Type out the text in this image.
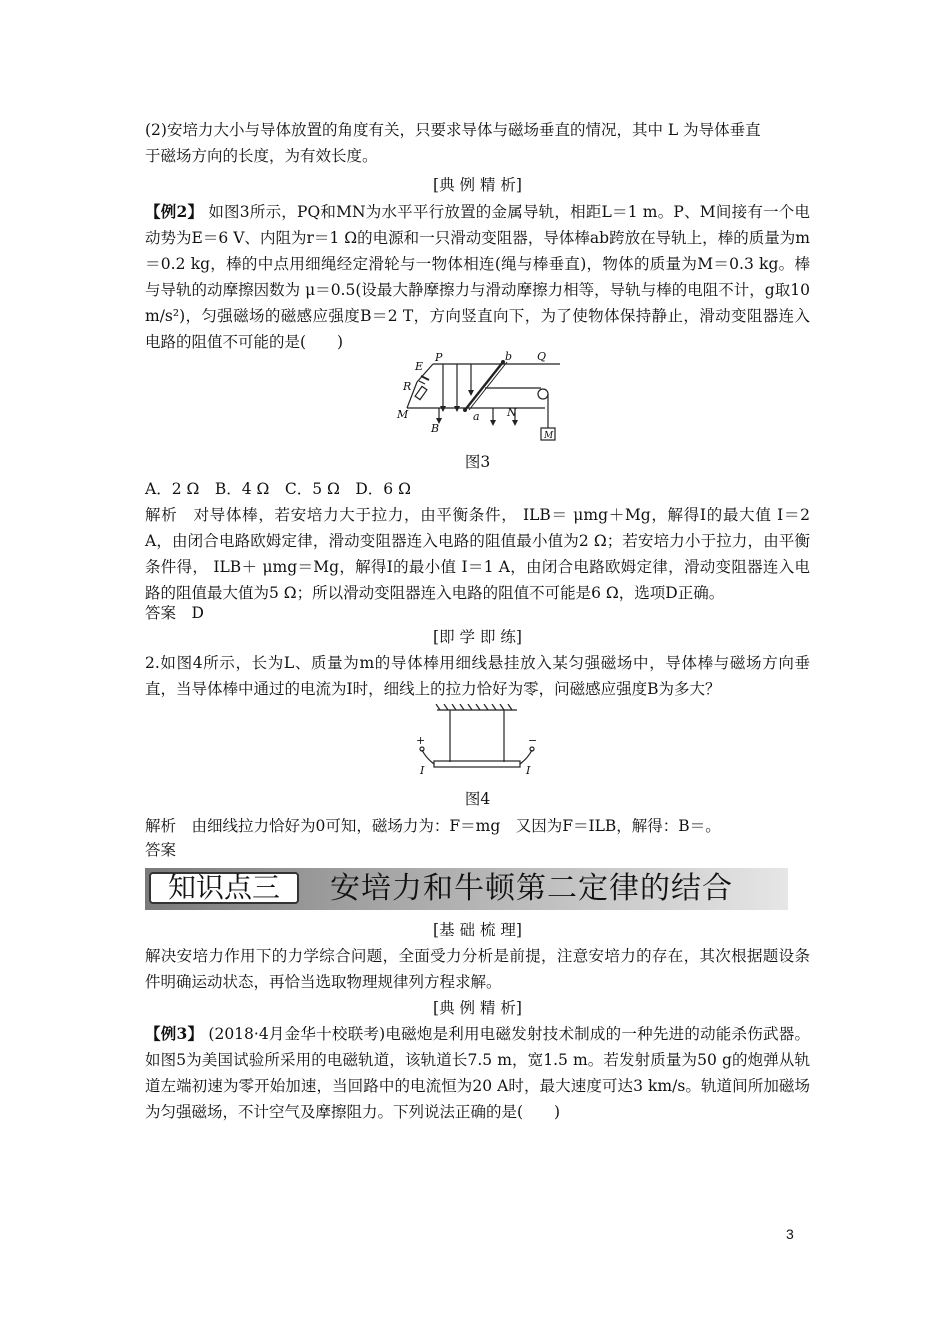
(2)安培力大小与导体放置的角度有关，只要求导体与磁场垂直的情况，其中 L 为导体垂直
于磁场方向的长度，为有效长度。
[典 例 精 析]
【例2】 如图3所示，PQ和MN为水平平行放置的金属导轨，相距L＝1 m。P、M间接有一个电动势为E＝6 V、内阻为r＝1 Ω的电源和一只滑动变阻器，导体棒ab跨放在导轨上，棒的质量为m＝0.2 kg，棒的中点用细绳经定滑轮与一物体相连(绳与棒垂直)，物体的质量为M＝0.3 kg。棒与导轨的动摩擦因数为 μ＝0.5(设最大静摩擦力与滑动摩擦力相等，导轨与棒的电阻不计，g取10 m/s²)，匀强磁场的磁感应强度B＝2 T，方向竖直向下，为了使物体保持静止，滑动变阻器连入电路的阻值不可能的是(　　)
E
P	b Q
R
M	a N
B
M
图3
A．2 Ω　B．4 Ω　C．5 Ω　D．6 Ω
解析　对导体棒，若安培力大于拉力，由平衡条件， ILB＝ μmg＋Mg，解得I的最大值 I＝2 A，由闭合电路欧姆定律，滑动变阻器连入电路的阻值最小值为2 Ω；若安培力小于拉力，由平衡条件得， ILB＋ μmg＝Mg，解得I的最小值 I＝1 A，由闭合电路欧姆定律，滑动变阻器连入电路的阻值最大值为5 Ω；所以滑动变阻器连入电路的阻值不可能是6 Ω，选项D正确。
答案　D
[即 学 即 练]
2.如图4所示，长为L、质量为m的导体棒用细线悬挂放入某匀强磁场中，导体棒与磁场方向垂直，当导体棒中通过的电流为I时，细线上的拉力恰好为零，问磁感应强度B为多大？
+	−
I	I
图4
解析　由细线拉力恰好为0可知，磁场力为：F＝mg　又因为F＝ILB，解得：B＝。
答案
知识点三	安培力和牛顿第二定律的结合
[基 础 梳 理]
解决安培力作用下的力学综合问题，全面受力分析是前提，注意安培力的存在，其次根据题设条件明确运动状态，再恰当选取物理规律列方程求解。
[典 例 精 析]
【例3】 (2018·4月金华十校联考)电磁炮是利用电磁发射技术制成的一种先进的动能杀伤武器。如图5为美国试验所采用的电磁轨道，该轨道长7.5 m，宽1.5 m。若发射质量为50 g的炮弹从轨道左端初速为零开始加速，当回路中的电流恒为20 A时，最大速度可达3 km/s。轨道间所加磁场为匀强磁场，不计空气及摩擦阻力。下列说法正确的是(　　)
3
